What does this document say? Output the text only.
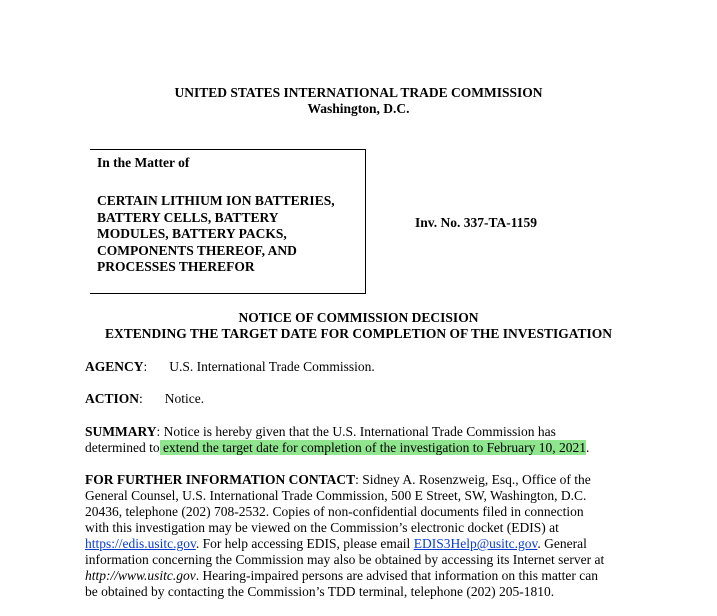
UNITED STATES INTERNATIONAL TRADE COMMISSION
Washington, D.C.
In the Matter of
CERTAIN LITHIUM ION BATTERIES,
BATTERY CELLS, BATTERY
MODULES, BATTERY PACKS,
COMPONENTS THEREOF, AND
PROCESSES THEREFOR
Inv. No. 337-TA-1159
NOTICE OF COMMISSION DECISION
EXTENDING THE TARGET DATE FOR COMPLETION OF THE INVESTIGATION
AGENCY: U.S. International Trade Commission.
ACTION: Notice.
SUMMARY: Notice is hereby given that the U.S. International Trade Commission has
determined to extend the target date for completion of the investigation to February 10, 2021.
FOR FURTHER INFORMATION CONTACT: Sidney A. Rosenzweig, Esq., Office of the
General Counsel, U.S. International Trade Commission, 500 E Street, SW, Washington, D.C.
20436, telephone (202) 708-2532. Copies of non-confidential documents filed in connection
with this investigation may be viewed on the Commission’s electronic docket (EDIS) at
https://edis.usitc.gov. For help accessing EDIS, please email EDIS3Help@usitc.gov. General
information concerning the Commission may also be obtained by accessing its Internet server at
http://www.usitc.gov. Hearing-impaired persons are advised that information on this matter can
be obtained by contacting the Commission’s TDD terminal, telephone (202) 205-1810.
